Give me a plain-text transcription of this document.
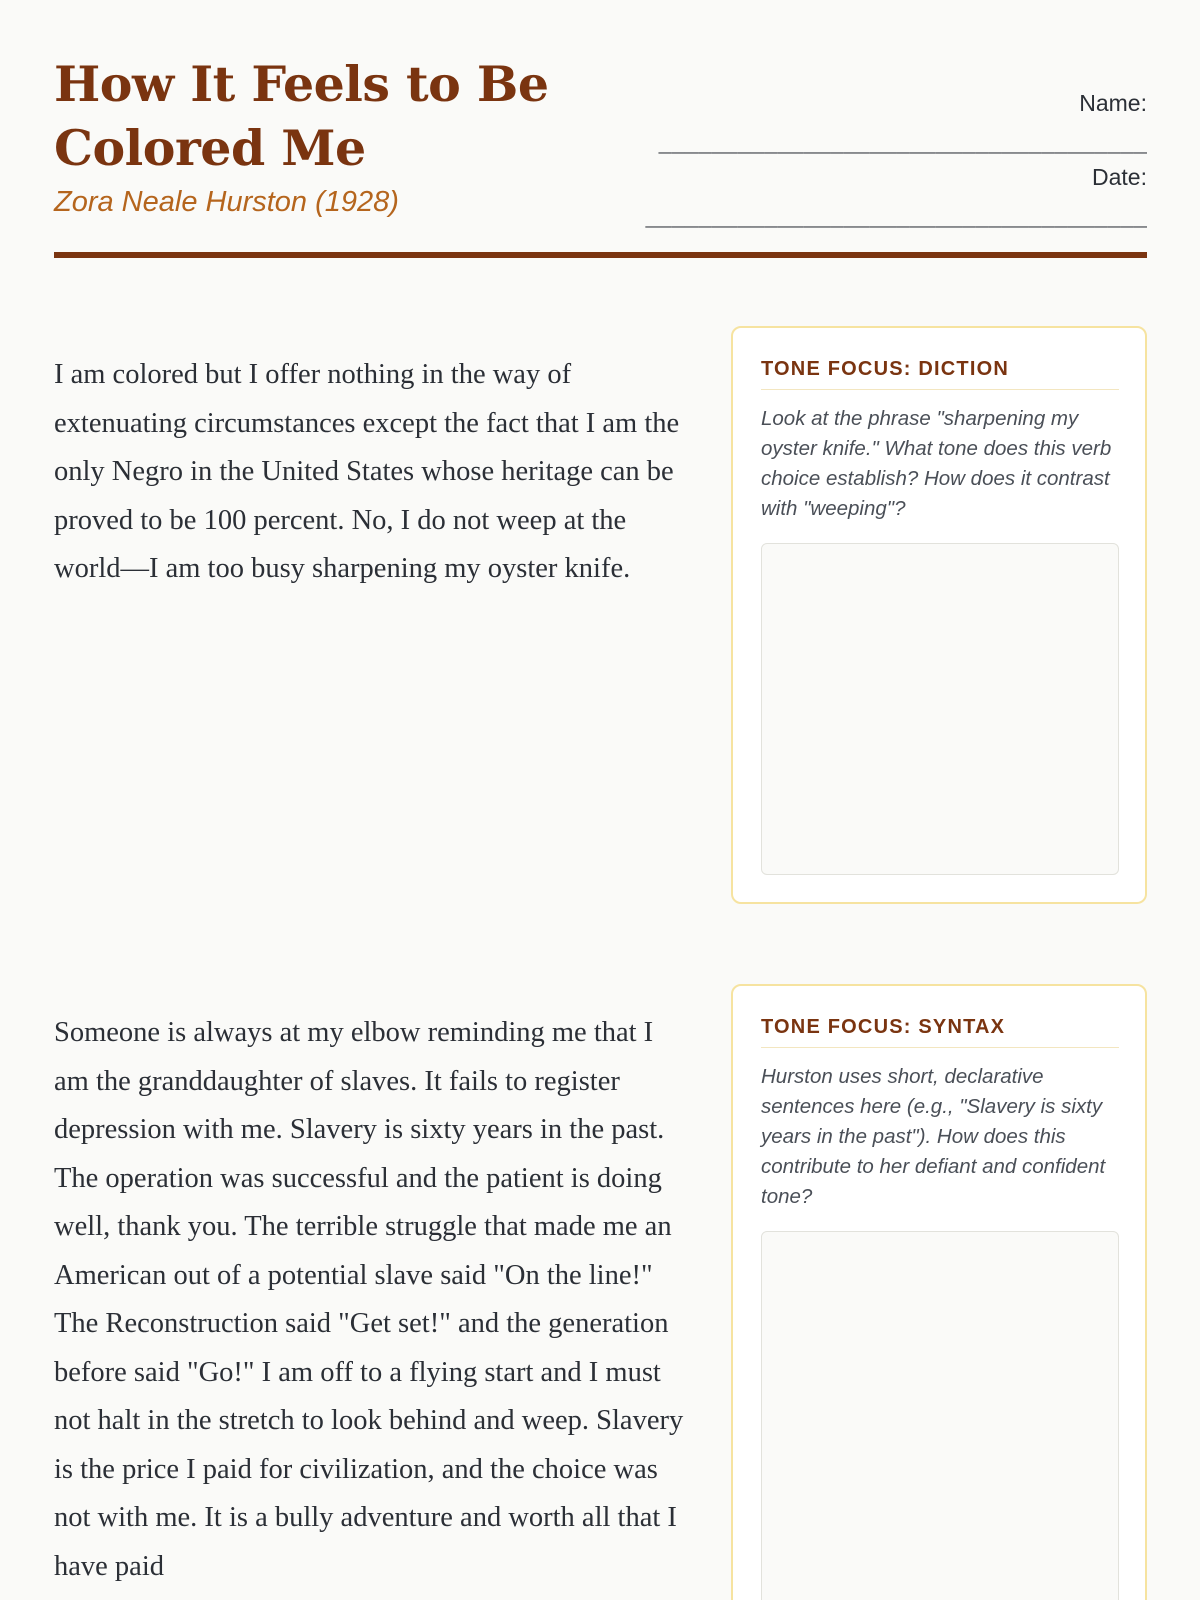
How It Feels to Be Colored Me
Zora Neale Hurston (1928)
Name:
_____________________________________
Date:
______________________________________

I am colored but I offer nothing in the way of extenuating circumstances except the fact that I am the only Negro in the United States whose heritage can be proved to be 100 percent. No, I do not weep at the world—I am too busy sharpening my oyster knife.

TONE FOCUS: DICTION
Look at the phrase "sharpening my oyster knife." What tone does this verb choice establish? How does it contrast with "weeping"?

Someone is always at my elbow reminding me that I am the granddaughter of slaves. It fails to register depression with me. Slavery is sixty years in the past. The operation was successful and the patient is doing well, thank you. The terrible struggle that made me an American out of a potential slave said "On the line!" The Reconstruction said "Get set!" and the generation before said "Go!" I am off to a flying start and I must not halt in the stretch to look behind and weep. Slavery is the price I paid for civilization, and the choice was not with me. It is a bully adventure and worth all that I have paid

TONE FOCUS: SYNTAX
Hurston uses short, declarative sentences here (e.g., "Slavery is sixty years in the past"). How does this contribute to her defiant and confident tone?
